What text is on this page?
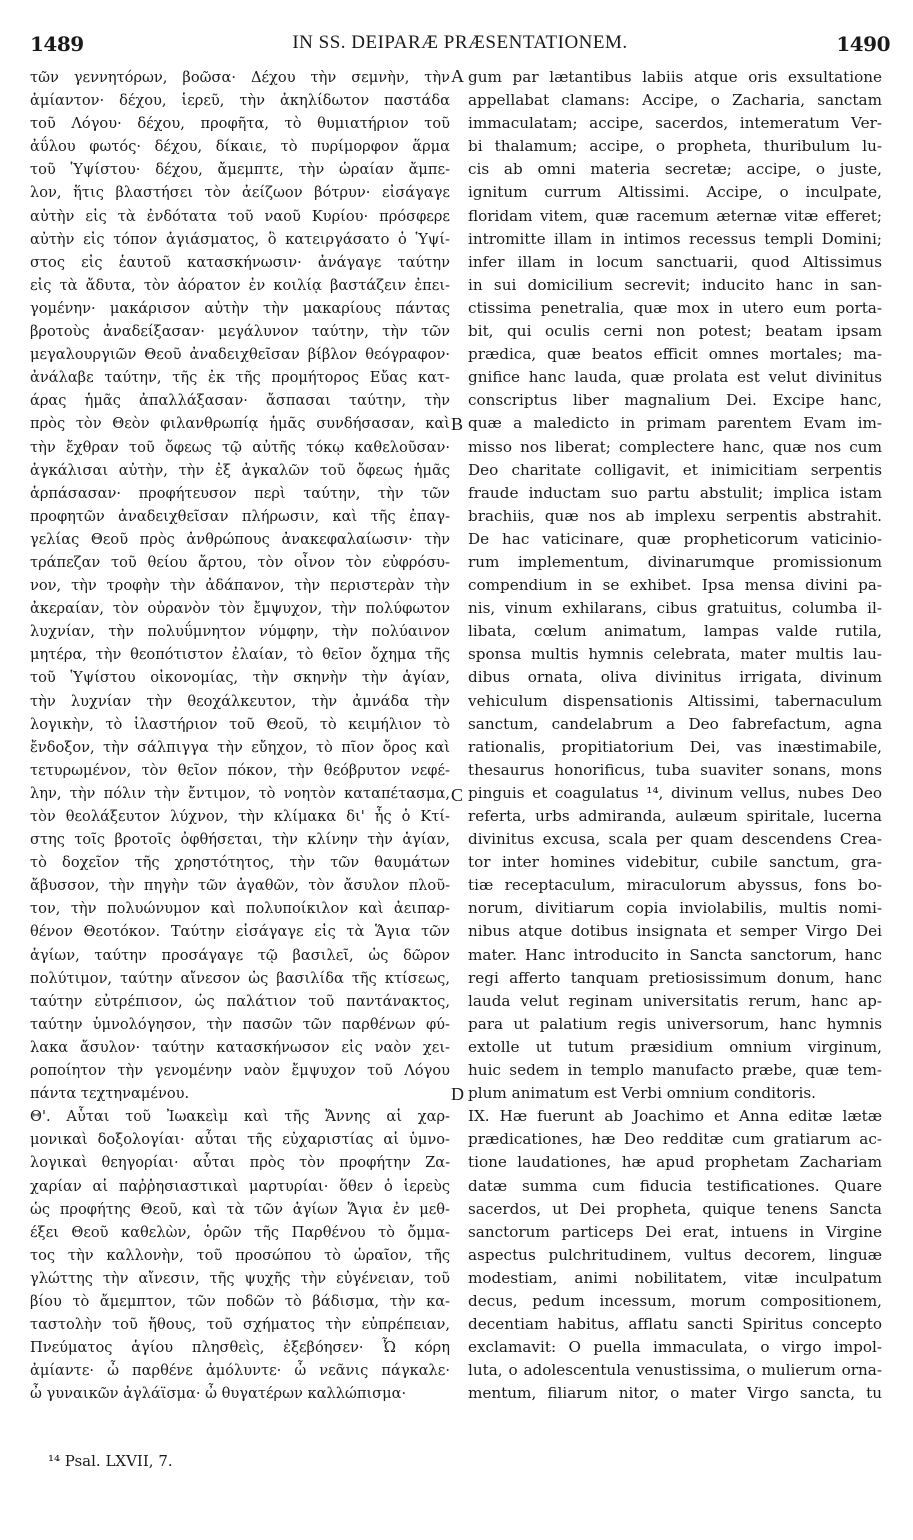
1489	IN SS. DEIPARÆ PRÆSENTATIONEM.	1490
τῶν γεννητόρων, βοῶσα· Δέχου τὴν σεμνὴν, τὴν
ἀμίαντον· δέχου, ἱερεῦ, τὴν ἀκηλίδωτον παστάδα
τοῦ Λόγου· δέχου, προφῆτα, τὸ θυμιατήριον τοῦ
ἀΰλου φωτός· δέχου, δίκαιε, τὸ πυρίμορφον ἅρμα
τοῦ Ὑψίστου· δέχου, ἄμεμπτε, τὴν ὡραίαν ἄμπε-
λον, ἥτις βλαστήσει τὸν ἀείζωον βότρυν· εἰσάγαγε
αὐτὴν εἰς τὰ ἐνδότατα τοῦ ναοῦ Κυρίου· πρόσφερε
αὐτὴν εἰς τόπον ἁγιάσματος, ὃ κατειργάσατο ὁ Ὑψί-
στος εἰς ἑαυτοῦ κατασκήνωσιν· ἀνάγαγε ταύτην
εἰς τὰ ἄδυτα, τὸν ἀόρατον ἐν κοιλίᾳ βαστάζειν ἐπει-
γομένην· μακάρισον αὐτὴν τὴν μακαρίους πάντας
βροτοὺς ἀναδείξασαν· μεγάλυνον ταύτην, τὴν τῶν
μεγαλουργιῶν Θεοῦ ἀναδειχθεῖσαν βίβλον θεόγραφον·
ἀνάλαβε ταύτην, τῆς ἐκ τῆς προμήτορος Εὔας κατ-
άρας ἡμᾶς ἀπαλλάξασαν· ἄσπασαι ταύτην, τὴν
πρὸς τὸν Θεὸν φιλανθρωπίᾳ ἡμᾶς συνδήσασαν, καὶ
τὴν ἔχθραν τοῦ ὄφεως τῷ αὐτῆς τόκῳ καθελοῦσαν·
ἀγκάλισαι αὐτὴν, τὴν ἐξ ἀγκαλῶν τοῦ ὄφεως ἡμᾶς
ἁρπάσασαν· προφήτευσον περὶ ταύτην, τὴν τῶν
προφητῶν ἀναδειχθεῖσαν πλήρωσιν, καὶ τῆς ἐπαγ-
γελίας Θεοῦ πρὸς ἀνθρώπους ἀνακεφαλαίωσιν· τὴν
τράπεζαν τοῦ θείου ἄρτου, τὸν οἶνον τὸν εὐφρόσυ-
νον, τὴν τροφὴν τὴν ἀδάπανον, τὴν περιστερὰν τὴν
ἀκεραίαν, τὸν οὐρανὸν τὸν ἔμψυχον, τὴν πολύφωτον
λυχνίαν, τὴν πολυΰμνητον νύμφην, τὴν πολύαινον
μητέρα, τὴν θεοπότιστον ἐλαίαν, τὸ θεῖον ὄχημα τῆς
τοῦ Ὑψίστου οἰκονομίας, τὴν σκηνὴν τὴν ἁγίαν,
τὴν λυχνίαν τὴν θεοχάλκευτον, τὴν ἀμνάδα τὴν
λογικὴν, τὸ ἱλαστήριον τοῦ Θεοῦ, τὸ κειμήλιον τὸ
ἔνδοξον, τὴν σάλπιγγα τὴν εὔηχον, τὸ πῖον ὄρος καὶ
τετυρωμένον, τὸν θεῖον πόκον, τὴν θεόβρυτον νεφέ-
λην, τὴν πόλιν τὴν ἔντιμον, τὸ νοητὸν καταπέτασμα,
τὸν θεολάξευτον λύχνον, τὴν κλίμακα δι' ἧς ὁ Κτί-
στης τοῖς βροτοῖς ὀφθήσεται, τὴν κλίνην τὴν ἁγίαν,
τὸ δοχεῖον τῆς χρηστότητος, τὴν τῶν θαυμάτων
ἄβυσσον, τὴν πηγὴν τῶν ἀγαθῶν, τὸν ἄσυλον πλοῦ-
τον, τὴν πολυώνυμον καὶ πολυποίκιλον καὶ ἀειπαρ-
θένον Θεοτόκον. Ταύτην εἰσάγαγε εἰς τὰ Ἅγια τῶν
ἁγίων, ταύτην προσάγαγε τῷ βασιλεῖ, ὡς δῶρον
πολύτιμον, ταύτην αἴνεσον ὡς βασιλίδα τῆς κτίσεως,
ταύτην εὐτρέπισον, ὡς παλάτιον τοῦ παντάνακτος,
ταύτην ὑμνολόγησον, τὴν πασῶν τῶν παρθένων φύ-
λακα ἄσυλον· ταύτην κατασκήνωσον εἰς ναὸν χει-
ροποίητον τὴν γενομένην ναὸν ἔμψυχον τοῦ Λόγου
πάντα τεχτηναμένου.
Θ'. Αὗται τοῦ Ἰωακεὶμ καὶ τῆς Ἄννης αἱ χαρ-
μονικαὶ δοξολογίαι· αὗται τῆς εὐχαριστίας αἱ ὑμνο-
λογικαὶ θεηγορίαι· αὗται πρὸς τὸν προφήτην Ζα-
χαρίαν αἱ παῤῥησιαστικαὶ μαρτυρίαι· ὅθεν ὁ ἱερεὺς
ὡς προφήτης Θεοῦ, καὶ τὰ τῶν ἁγίων Ἅγια ἐν μεθ-
έξει Θεοῦ καθελὼν, ὁρῶν τῆς Παρθένου τὸ ὄμμα-
τος τὴν καλλονὴν, τοῦ προσώπου τὸ ὡραῖον, τῆς
γλώττης τὴν αἴνεσιν, τῆς ψυχῆς τὴν εὐγένειαν, τοῦ
βίου τὸ ἄμεμπτον, τῶν ποδῶν τὸ βάδισμα, τὴν κα-
ταστολὴν τοῦ ἤθους, τοῦ σχήματος τὴν εὐπρέπειαν,
Πνεύματος ἁγίου πλησθεὶς, ἐξεβόησεν· Ὦ κόρη
ἀμίαντε· ὦ παρθένε ἀμόλυντε· ὦ νεᾶνις πάγκαλε·
ὦ γυναικῶν ἀγλάϊσμα· ὦ θυγατέρων καλλώπισμα·
gum par lætantibus labiis atque oris exsultatione
appellabat clamans: Accipe, o Zacharia, sanctam
immaculatam; accipe, sacerdos, intemeratum Ver-
bi thalamum; accipe, o propheta, thuribulum lu-
cis ab omni materia secretæ; accipe, o juste,
ignitum currum Altissimi. Accipe, o inculpate,
floridam vitem, quæ racemum æternæ vitæ efferet;
intromitte illam in intimos recessus templi Domini;
infer illam in locum sanctuarii, quod Altissimus
in sui domicilium secrevit; inducito hanc in san-
ctissima penetralia, quæ mox in utero eum porta-
bit, qui oculis cerni non potest; beatam ipsam
prædica, quæ beatos efficit omnes mortales; ma-
gnifice hanc lauda, quæ prolata est velut divinitus
conscriptus liber magnalium Dei. Excipe hanc,
quæ a maledicto in primam parentem Evam im-
misso nos liberat; complectere hanc, quæ nos cum
Deo charitate colligavit, et inimicitiam serpentis
fraude inductam suo partu abstulit; implica istam
brachiis, quæ nos ab implexu serpentis abstrahit.
De hac vaticinare, quæ propheticorum vaticinio-
rum implementum, divinarumque promissionum
compendium in se exhibet. Ipsa mensa divini pa-
nis, vinum exhilarans, cibus gratuitus, columba il-
libata, cœlum animatum, lampas valde rutila,
sponsa multis hymnis celebrata, mater multis lau-
dibus ornata, oliva divinitus irrigata, divinum
vehiculum dispensationis Altissimi, tabernaculum
sanctum, candelabrum a Deo fabrefactum, agna
rationalis, propitiatorium Dei, vas inæstimabile,
thesaurus honorificus, tuba suaviter sonans, mons
pinguis et coagulatus ¹⁴, divinum vellus, nubes Deo
referta, urbs admiranda, aulæum spiritale, lucerna
divinitus excusa, scala per quam descendens Crea-
tor inter homines videbitur, cubile sanctum, gra-
tiæ receptaculum, miraculorum abyssus, fons bo-
norum, divitiarum copia inviolabilis, multis nomi-
nibus atque dotibus insignata et semper Virgo Dei
mater. Hanc introducito in Sancta sanctorum, hanc
regi afferto tanquam pretiosissimum donum, hanc
lauda velut reginam universitatis rerum, hanc ap-
para ut palatium regis universorum, hanc hymnis
extolle ut tutum præsidium omnium virginum,
huic sedem in templo manufacto præbe, quæ tem-
plum animatum est Verbi omnium conditoris.
IX. Hæ fuerunt ab Joachimo et Anna editæ lætæ
prædicationes, hæ Deo redditæ cum gratiarum ac-
tione laudationes, hæ apud prophetam Zachariam
datæ summa cum fiducia testificationes. Quare
sacerdos, ut Dei propheta, quique tenens Sancta
sanctorum particeps Dei erat, intuens in Virgine
aspectus pulchritudinem, vultus decorem, linguæ
modestiam, animi nobilitatem, vitæ inculpatum
decus, pedum incessum, morum compositionem,
decentiam habitus, afflatu sancti Spiritus concepto
exclamavit: O puella immaculata, o virgo impol-
luta, o adolescentula venustissima, o mulierum orna-
mentum, filiarum nitor, o mater Virgo sancta, tu
A
B
C
D
¹⁴ Psal. LXVII, 7.
